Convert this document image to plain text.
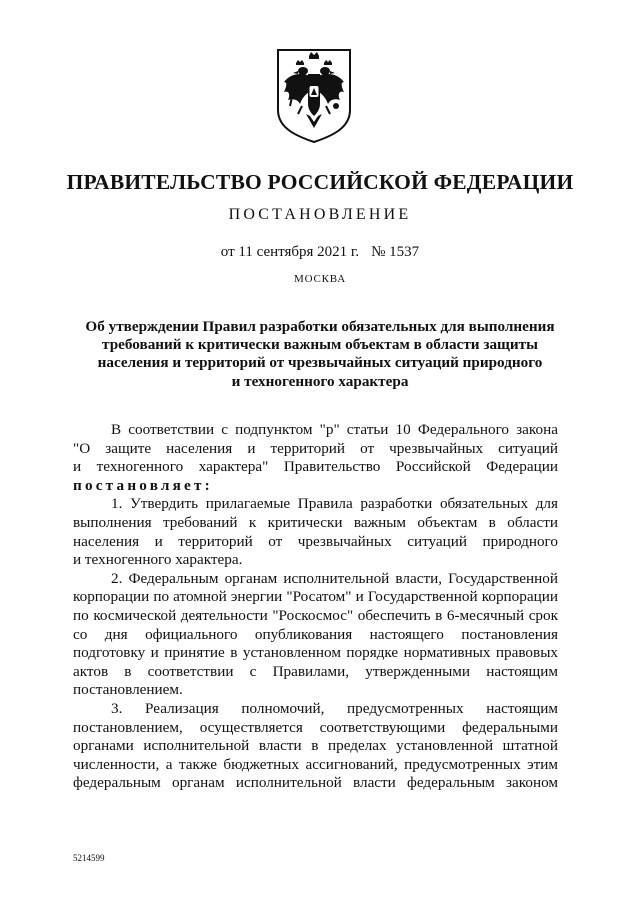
ПРАВИТЕЛЬСТВО РОССИЙСКОЙ ФЕДЕРАЦИИ
ПОСТАНОВЛЕНИЕ
от 11 сентября 2021 г. № 1537
МОСКВА
Об утверждении Правил разработки обязательных для выполнения
требований к критически важным объектам в области защиты
населения и территорий от чрезвычайных ситуаций природного
и техногенного характера
В соответствии с подпунктом "р" статьи 10 Федерального закона
"О защите населения и территорий от чрезвычайных ситуаций
и техногенного характера" Правительство Российской Федерации
постановляет:
1. Утвердить прилагаемые Правила разработки обязательных для
выполнения требований к критически важным объектам в области
населения и территорий от чрезвычайных ситуаций природного
и техногенного характера.
2. Федеральным органам исполнительной власти, Государственной
корпорации по атомной энергии "Росатом" и Государственной корпорации
по космической деятельности "Роскосмос" обеспечить в 6-месячный срок
со дня официального опубликования настоящего постановления
подготовку и принятие в установленном порядке нормативных правовых
актов в соответствии с Правилами, утвержденными настоящим
постановлением.
3. Реализация полномочий, предусмотренных настоящим
постановлением, осуществляется соответствующими федеральными
органами исполнительной власти в пределах установленной штатной
численности, а также бюджетных ассигнований, предусмотренных этим
федеральным органам исполнительной власти федеральным законом
5214599
